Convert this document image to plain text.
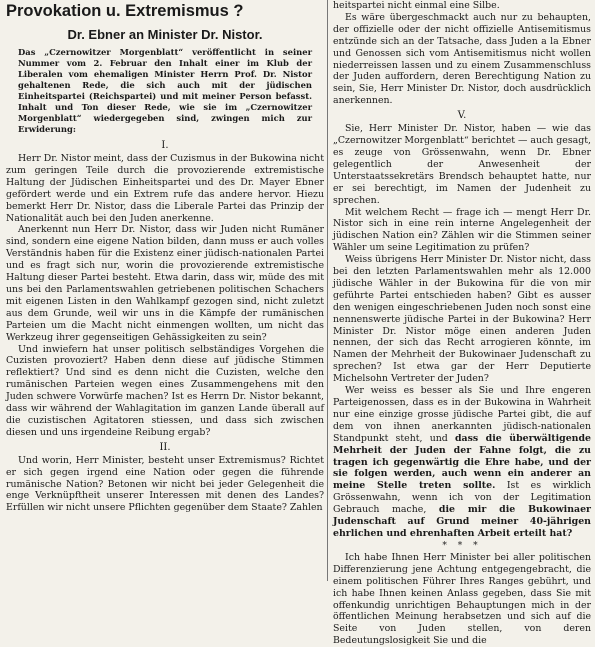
Provokation u. Extremismus ?
Dr. Ebner an Minister Dr. Nistor.
Das „Czernowitzer Morgenblatt“ veröffentlicht in seiner Nummer vom 2. Februar den Inhalt einer im Klub der Liberalen vom ehemaligen Minister Herrn Prof. Dr. Nistor gehaltenen Rede, die sich auch mit der jüdischen Einheitspartei (Reichspartei) und mit meiner Person befasst. Inhalt und Ton dieser Rede, wie sie im „Czernowitzer Morgenblatt“ wiedergegeben sind, zwingen mich zur Erwiderung:
I.

Herr Dr. Nistor meint, dass der Cuzismus in der Bukowina nicht zum geringen Teile durch die provozierende extremistische Haltung der Jüdischen Einheitspartei und des Dr. Mayer Ebner gefördert werde und ein Extrem rufe das andere hervor. Hiezu bemerkt Herr Dr. Nistor, dass die Liberale Partei das Prinzip der Nationalität auch bei den Juden anerkenne.

Anerkennt nun Herr Dr. Nistor, dass wir Juden nicht Rumäner sind, sondern eine eigene Nation bilden, dann muss er auch volles Verständnis haben für die Existenz einer jüdisch-nationalen Partei und es fragt sich nur, worin die provozierende extremistische Haltung dieser Partei besteht. Etwa darin, dass wir, müde des mit uns bei den Parlamentswahlen getriebenen politischen Schachers mit eigenen Listen in den Wahlkampf gezogen sind, nicht zuletzt aus dem Grunde, weil wir uns in die Kämpfe der rumänischen Parteien um die Macht nicht einmengen wollten, um nicht das Werkzeug ihrer gegenseitigen Gehässigkeiten zu sein?

Und inwiefern hat unser politisch selbständiges Vorgehen die Cuzisten provoziert? Haben denn diese auf jüdische Stimmen reflektiert? Und sind es denn nicht die Cuzisten, welche den rumänischen Parteien wegen eines Zusammengehens mit den Juden schwere Vorwürfe machen? Ist es Herrn Dr. Nistor bekannt, dass wir während der Wahlagitation im ganzen Lande überall auf die cuzistischen Agitatoren stiessen, und dass sich zwischen diesen und uns irgendeine Reibung ergab?

II.

Und worin, Herr Minister, besteht unser Extremismus? Richtet er sich gegen irgend eine Nation oder gegen die führende rumänische Nation? Betonen wir nicht bei jeder Gelegenheit die enge Verknüpftheit unserer Interessen mit denen des Landes? Erfüllen wir nicht unsere Pflichten gegenüber dem Staate? Zahlen

heitspartei nicht einmal eine Silbe.

Es wäre übergeschmackt auch nur zu behaupten, der offizielle oder der nicht offizielle Antisemitismus entzünde sich an der Tatsache, dass Juden a la Ebner und Genossen sich vom Antisemitismus nicht wollen niederreissen lassen und zu einem Zusammenschluss der Juden auffordern, deren Berechtigung Nation zu sein, Sie, Herr Minister Dr. Nistor, doch ausdrücklich anerkennen.

V.

Sie, Herr Minister Dr. Nistor, haben — wie das „Czernowitzer Morgenblatt“ berichtet — auch gesagt, es zeuge von Grössenwahn, wenn Dr. Ebner gelegentlich der Anwesenheit der Unterstaatssekretärs Brendsch behauptet hatte, nur er sei berechtigt, im Namen der Judenheit zu sprechen.

Mit welchem Recht — frage ich — mengt Herr Dr. Nistor sich in eine rein interne Angelegenheit der jüdischen Nation ein? Zählen wir die Stimmen seiner Wähler um seine Legitimation zu prüfen?

Weiss übrigens Herr Minister Dr. Nistor nicht, dass bei den letzten Parlamentswahlen mehr als 12.000 jüdische Wähler in der Bukowina für die von mir geführte Partei entschieden haben? Gibt es ausser den wenigen eingeschriebenen Juden noch sonst eine nennenswerte jüdische Partei in der Bukowina? Herr Minister Dr. Nistor möge einen anderen Juden nennen, der sich das Recht arrogieren könnte, im Namen der Mehrheit der Bukowinaer Judenschaft zu sprechen? Ist etwa gar der Herr Deputierte Michelsohn Vertreter der Juden?

Wer weiss es besser als Sie und Ihre engeren Parteigenossen, dass es in der Bukowina in Wahrheit nur eine einzige grosse jüdische Partei gibt, die auf dem von ihnen anerkannten jüdisch-nationalen Standpunkt steht, und dass die überwältigende Mehrheit der Juden der Fahne folgt, die zu tragen ich gegenwärtig die Ehre habe, und der sie folgen werden, auch wenn ein anderer an meine Stelle treten sollte. Ist es wirklich Grössenwahn, wenn ich von der Legitimation Gebrauch mache, die mir die Bukowinaer Judenschaft auf Grund meiner 40-jährigen ehrlichen und ehrenhaften Arbeit erteilt hat?

* * *

Ich habe Ihnen Herr Minister bei aller politischen Differenzierung jene Achtung entgegengebracht, die einem politischen Führer Ihres Ranges gebührt, und ich habe Ihnen keinen Anlass gegeben, dass Sie mit offenkundig unrichtigen Behauptungen mich in der öffentlichen Meinung herabsetzen und sich auf die Seite von Juden stellen, von deren Bedeutungslosigkeit Sie und die
